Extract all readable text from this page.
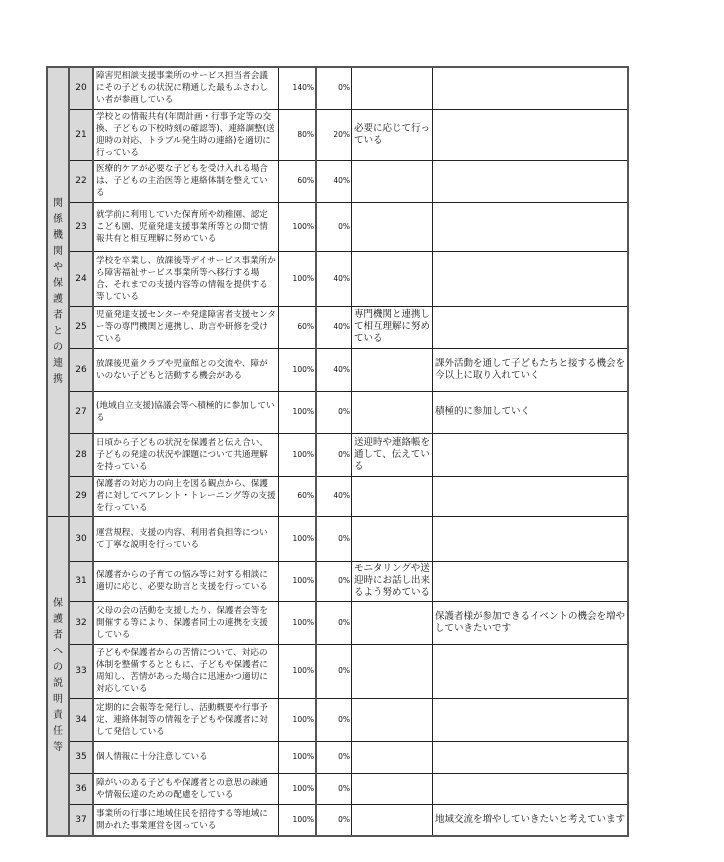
関係機関や保護者との連携	20	障害児相談支援事業所のサービス担当者会議にその子どもの状況に精通した最もふさわしい者が参画している	140%	0%		
	21	学校との情報共有(年間計画・行事予定等の交換、子どもの下校時刻の確認等)、連絡調整(送迎時の対応、トラブル発生時の連絡)を適切に行っている	80%	20%	必要に応じて行っている	
	22	医療的ケアが必要な子どもを受け入れる場合は、子どもの主治医等と連絡体制を整えている	60%	40%		
	23	就学前に利用していた保育所や幼稚園、認定こども園、児童発達支援事業所等との間で情報共有と相互理解に努めている	100%	0%		
	24	学校を卒業し、放課後等デイサービス事業所から障害福祉サービス事業所等へ移行する場合、それまでの支援内容等の情報を提供する等している	100%	40%		
	25	児童発達支援センターや発達障害者支援センター等の専門機関と連携し、助言や研修を受けている	60%	40%	専門機関と連携して相互理解に努めている	
	26	放課後児童クラブや児童館との交流や、障がいのない子どもと活動する機会がある	100%	40%		課外活動を通して子どもたちと接する機会を今以上に取り入れていく
	27	(地域自立支援)協議会等へ積極的に参加している	100%	0%		積極的に参加していく
	28	日頃から子どもの状況を保護者と伝え合い、子どもの発達の状況や課題について共通理解を持っている	100%	0%	送迎時や連絡帳を通して、伝えている	
	29	保護者の対応力の向上を図る観点から、保護者に対してペアレント・トレーニング等の支援を行っている	60%	40%		
保護者への説明責任等	30	運営規程、支援の内容、利用者負担等について丁寧な説明を行っている	100%	0%		
	31	保護者からの子育ての悩み等に対する相談に適切に応じ、必要な助言と支援を行っている	100%	0%	モニタリングや送迎時にお話し出来るよう努めている	
	32	父母の会の活動を支援したり、保護者会等を開催する等により、保護者同士の連携を支援している	100%	0%		保護者様が参加できるイベントの機会を増やしていきたいです
	33	子どもや保護者からの苦情について、対応の体制を整備するとともに、子どもや保護者に周知し、苦情があった場合に迅速かつ適切に対応している	100%	0%		
	34	定期的に会報等を発行し、活動概要や行事予定、連絡体制等の情報を子どもや保護者に対して発信している	100%	0%		
	35	個人情報に十分注意している	100%	0%		
	36	障がいのある子どもや保護者との意思の疎通や情報伝達のための配慮をしている	100%	0%		
	37	事業所の行事に地域住民を招待する等地域に開かれた事業運営を図っている	100%	0%		地域交流を増やしていきたいと考えています
